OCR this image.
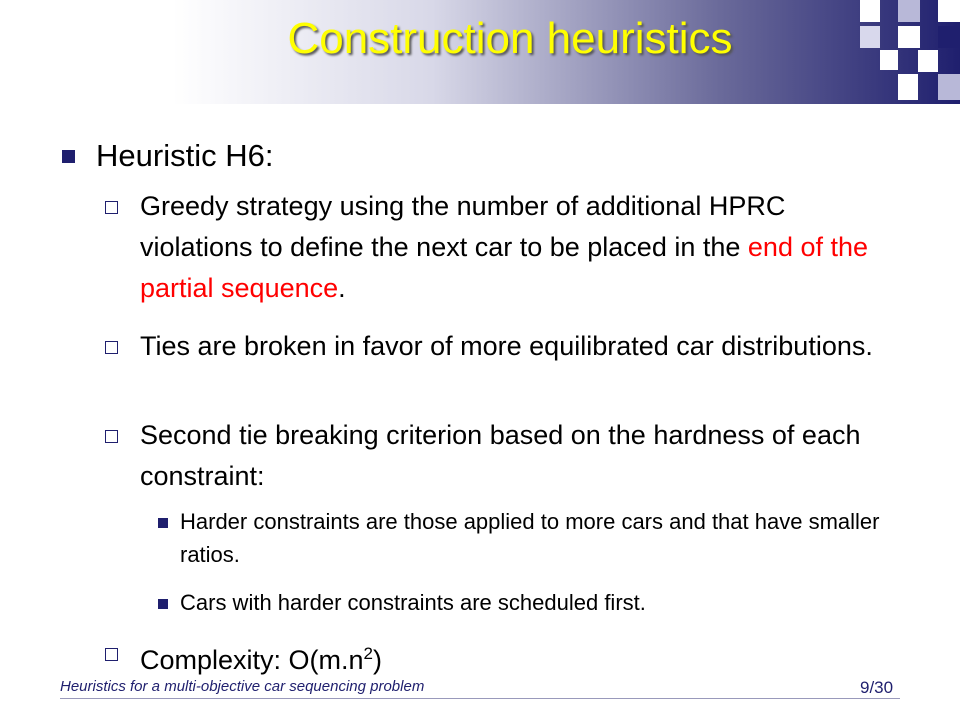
Construction heuristics
Heuristic H6:
Greedy strategy using the number of additional HPRC violations to define the next car to be placed in the end of the partial sequence.
Ties are broken in favor of more equilibrated car distributions.
Second tie breaking criterion based on the hardness of each constraint:
Harder constraints are those applied to more cars and that have smaller ratios.
Cars with harder constraints are scheduled first.
Complexity: $O(m.n^2)$
Heuristics for a multi-objective car sequencing problem	9/30
